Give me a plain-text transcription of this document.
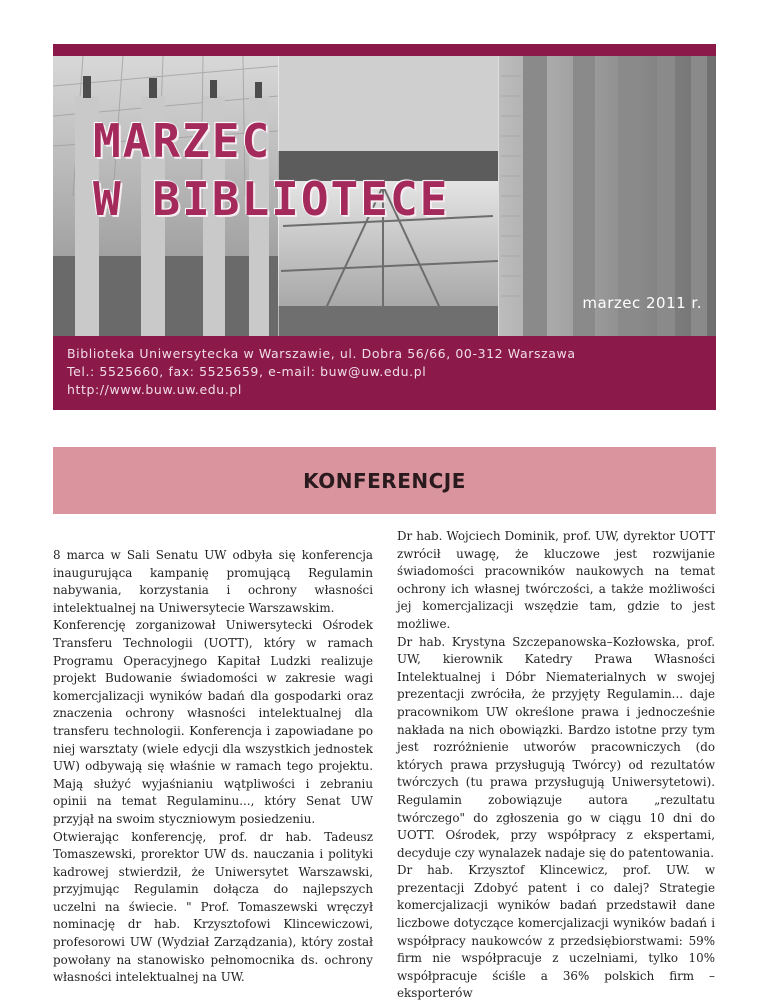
MARZEC
W BIBLIOTECE
marzec 2011 r.
Biblioteka Uniwersytecka w Warszawie, ul. Dobra 56/66, 00-312 Warszawa
Tel.: 5525660, fax: 5525659, e-mail: buw@uw.edu.pl
http://www.buw.uw.edu.pl
KONFERENCJE

8 marca w Sali Senatu UW odbyła się konferencja inaugurująca kampanię promującą Regulamin nabywania, korzystania i ochrony własności intelektualnej na Uniwersytecie Warszawskim.

Konferencję zorganizował Uniwersytecki Ośrodek Transferu Technologii (UOTT), który w ramach Programu Operacyjnego Kapitał Ludzki realizuje projekt Budowanie świadomości w zakresie wagi komercjalizacji wyników badań dla gospodarki oraz znaczenia ochrony własności intelektualnej dla transferu technologii. Konferencja i zapowiadane po niej warsztaty (wiele edycji dla wszystkich jednostek UW) odbywają się właśnie w ramach tego projektu. Mają służyć wyjaśnianiu wątpliwości i zebraniu opinii na temat Regulaminu..., który Senat UW przyjął na swoim styczniowym posiedzeniu.

Otwierając konferencję, prof. dr hab. Tadeusz Tomaszewski, prorektor UW ds. nauczania i polityki kadrowej stwierdził, że Uniwersytet Warszawski, przyjmując Regulamin dołącza do najlepszych uczelni na świecie. " Prof. Tomaszewski wręczył nominację dr hab. Krzysztofowi Klincewiczowi, profesorowi UW (Wydział Zarządzania), który został powołany na stanowisko pełnomocnika ds. ochrony własności intelektualnej na UW.

Dr hab. Wojciech Dominik, prof. UW, dyrektor UOTT zwrócił uwagę, że kluczowe jest rozwijanie świadomości pracowników naukowych na temat ochrony ich własnej twórczości, a także możliwości jej komercjalizacji wszędzie tam, gdzie to jest możliwe.

Dr hab. Krystyna Szczepanowska–Kozłowska, prof. UW, kierownik Katedry Prawa Własności Intelektualnej i Dóbr Niematerialnych w swojej prezentacji zwróciła, że przyjęty Regulamin... daje pracownikom UW określone prawa i jednocześnie nakłada na nich obowiązki. Bardzo istotne przy tym jest rozróżnienie utworów pracowniczych (do których prawa przysługują Twórcy) od rezultatów twórczych (tu prawa przysługują Uniwersytetowi). Regulamin zobowiązuje autora „rezultatu twórczego" do zgłoszenia go w ciągu 10 dni do UOTT. Ośrodek, przy współpracy z ekspertami, decyduje czy wynalazek nadaje się do patentowania.

Dr hab. Krzysztof Klincewicz, prof. UW. w prezentacji Zdobyć patent i co dalej? Strategie komercjalizacji wyników badań przedstawił dane liczbowe dotyczące komercjalizacji wyników badań i współpracy naukowców z przedsiębiorstwami: 59% firm nie współpracuje z uczelniami, tylko 10% współpracuje ściśle a 36% polskich firm – eksporterów
